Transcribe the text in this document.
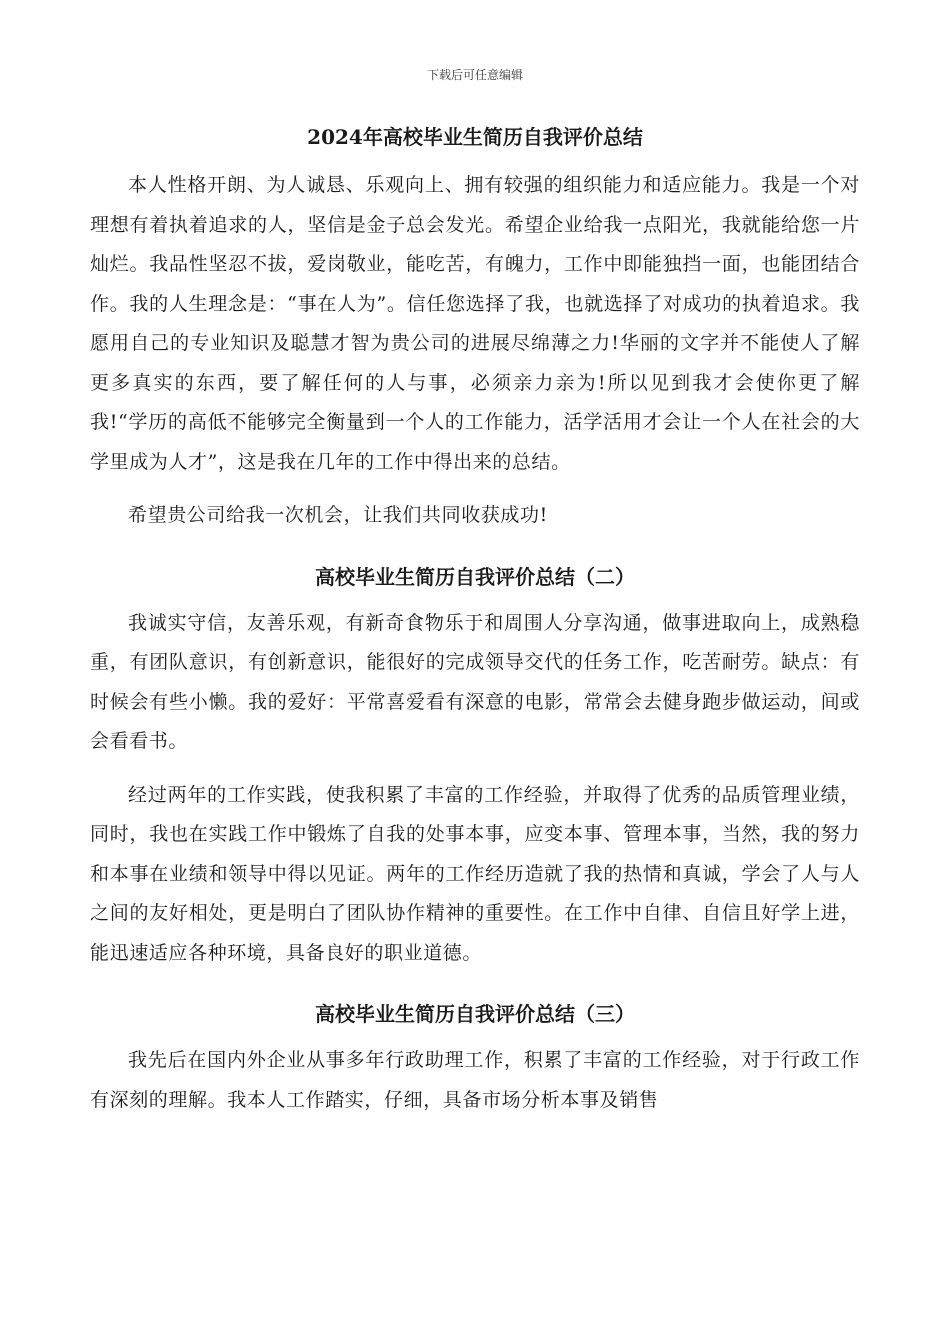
下载后可任意编辑
2024年高校毕业生简历自我评价总结

本人性格开朗、为人诚恳、乐观向上、拥有较强的组织能力和适应能力。我是一个对理想有着执着追求的人，坚信是金子总会发光。希望企业给我一点阳光，我就能给您一片灿烂。我品性坚忍不拔，爱岗敬业，能吃苦，有魄力，工作中即能独挡一面，也能团结合作。我的人生理念是：“事在人为”。信任您选择了我，也就选择了对成功的执着追求。我愿用自己的专业知识及聪慧才智为贵公司的进展尽绵薄之力!华丽的文字并不能使人了解更多真实的东西，要了解任何的人与事，必须亲力亲为!所以见到我才会使你更了解我!“学历的高低不能够完全衡量到一个人的工作能力，活学活用才会让一个人在社会的大学里成为人才”，这是我在几年的工作中得出来的总结。

希望贵公司给我一次机会，让我们共同收获成功!

高校毕业生简历自我评价总结（二）

我诚实守信，友善乐观，有新奇食物乐于和周围人分享沟通，做事进取向上，成熟稳重，有团队意识，有创新意识，能很好的完成领导交代的任务工作，吃苦耐劳。缺点：有时候会有些小懒。我的爱好：平常喜爱看有深意的电影，常常会去健身跑步做运动，间或会看看书。

经过两年的工作实践，使我积累了丰富的工作经验，并取得了优秀的品质管理业绩，同时，我也在实践工作中锻炼了自我的处事本事，应变本事、管理本事，当然，我的努力和本事在业绩和领导中得以见证。两年的工作经历造就了我的热情和真诚，学会了人与人之间的友好相处，更是明白了团队协作精神的重要性。在工作中自律、自信且好学上进，能迅速适应各种环境，具备良好的职业道德。

高校毕业生简历自我评价总结（三）

我先后在国内外企业从事多年行政助理工作，积累了丰富的工作经验，对于行政工作有深刻的理解。我本人工作踏实，仔细，具备市场分析本事及销售
